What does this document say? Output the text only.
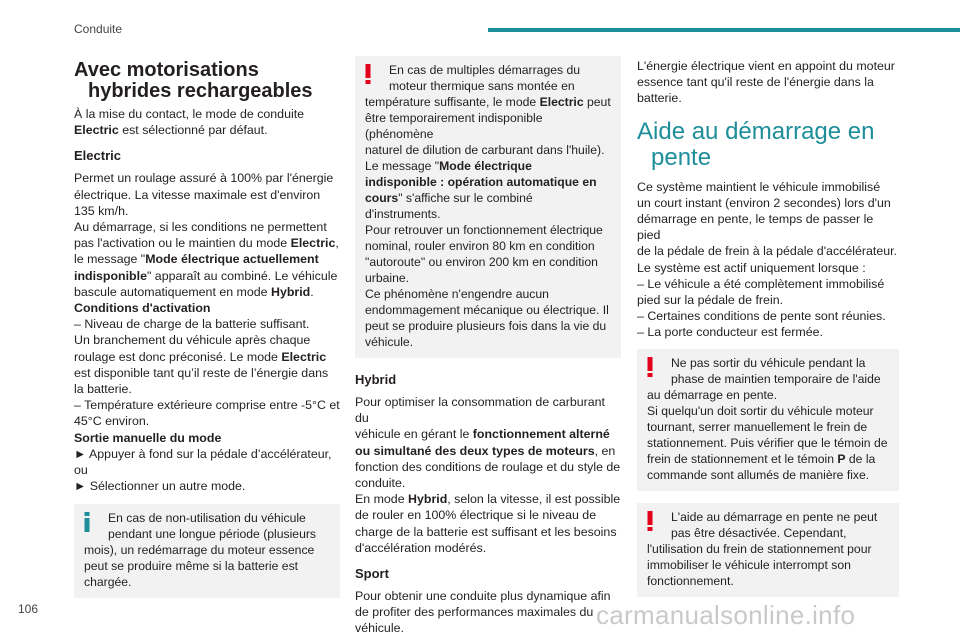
Conduite
Avec motorisations
hybrides rechargeables

À la mise du contact, le mode de conduite

Electric est sélectionné par défaut.

Electric

Permet un roulage assuré à 100% par l'énergie

électrique. La vitesse maximale est d'environ

135 km/h.

Au démarrage, si les conditions ne permettent

pas l'activation ou le maintien du mode Electric,

le message "Mode électrique actuellement

indisponible" apparaît au combiné. Le véhicule

bascule automatiquement en mode Hybrid.

Conditions d'activation

– Niveau de charge de la batterie suffisant.

Un branchement du véhicule après chaque

roulage est donc préconisé. Le mode Electric

est disponible tant qu’il reste de l’énergie dans

la batterie.

– Température extérieure comprise entre -5°C et

45°C environ.

Sortie manuelle du mode

► Appuyer à fond sur la pédale d’accélérateur,

ou

► Sélectionner un autre mode.

En cas de non-utilisation du véhicule

pendant une longue période (plusieurs

mois), un redémarrage du moteur essence

peut se produire même si la batterie est

chargée.

En cas de multiples démarrages du

moteur thermique sans montée en

température suffisante, le mode Electric peut

être temporairement indisponible (phénomène

naturel de dilution de carburant dans l'huile).

Le message "Mode électrique

indisponible : opération automatique en

cours" s'affiche sur le combiné d'instruments.

Pour retrouver un fonctionnement électrique

nominal, rouler environ 80 km en condition

"autoroute" ou environ 200 km en condition

urbaine.

Ce phénomène n'engendre aucun

endommagement mécanique ou électrique. Il

peut se produire plusieurs fois dans la vie du

véhicule.

Hybrid

Pour optimiser la consommation de carburant du

véhicule en gérant le fonctionnement alterné

ou simultané des deux types de moteurs, en

fonction des conditions de roulage et du style de

conduite.

En mode Hybrid, selon la vitesse, il est possible

de rouler en 100% électrique si le niveau de

charge de la batterie est suffisant et les besoins

d'accélération modérés.

Sport

Pour obtenir une conduite plus dynamique afin

de profiter des performances maximales du

véhicule.

L'énergie électrique vient en appoint du moteur

essence tant qu'il reste de l'énergie dans la

batterie.

Aide au démarrage en
pente

Ce système maintient le véhicule immobilisé

un court instant (environ 2 secondes) lors d'un

démarrage en pente, le temps de passer le pied

de la pédale de frein à la pédale d'accélérateur.

Le système est actif uniquement lorsque :

– Le véhicule a été complètement immobilisé

pied sur la pédale de frein.

– Certaines conditions de pente sont réunies.

– La porte conducteur est fermée.

Ne pas sortir du véhicule pendant la

phase de maintien temporaire de l'aide

au démarrage en pente.

Si quelqu'un doit sortir du véhicule moteur

tournant, serrer manuellement le frein de

stationnement. Puis vérifier que le témoin de

frein de stationnement et le témoin P de la

commande sont allumés de manière fixe.

L'aide au démarrage en pente ne peut

pas être désactivée. Cependant,

l'utilisation du frein de stationnement pour

immobiliser le véhicule interrompt son

fonctionnement.

106	carmanualsonline.info
